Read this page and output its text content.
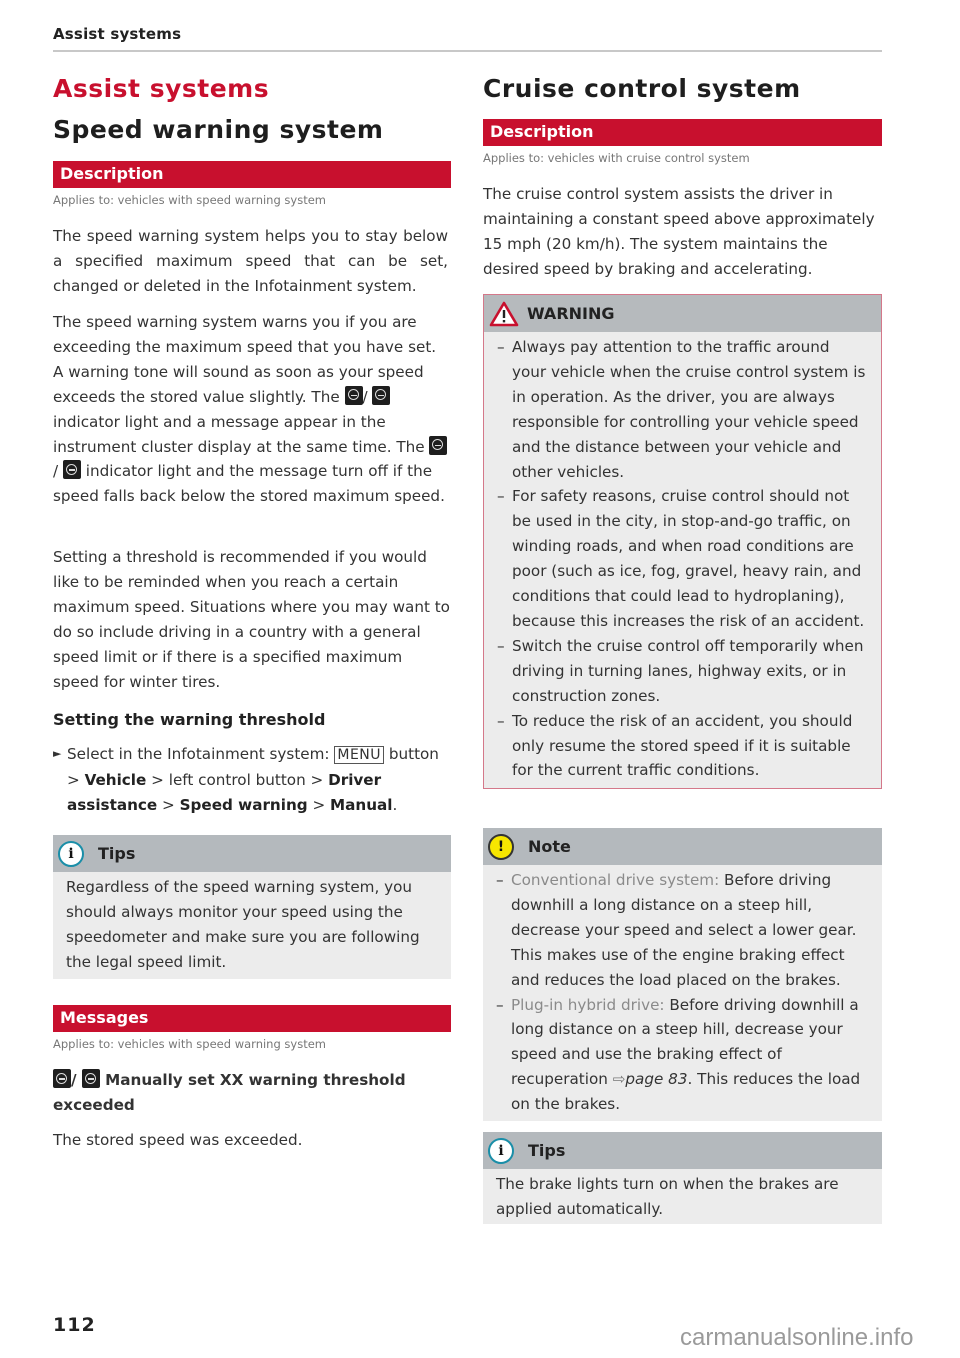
Assist systems
Assist systems
Speed warning system
Description
Applies to: vehicles with speed warning system
The speed warning system helps you to stay below a specified maximum speed that can be set, changed or deleted in the Infotainment system.
The speed warning system warns you if you are exceeding the maximum speed that you have set. A warning tone will sound as soon as your speed exceeds the stored value slightly. The /  indicator light and a message appear in the instrument cluster display at the same time. The / indicator light and the message turn off if the speed falls back below the stored maximum speed.
Setting a threshold is recommended if you would like to be reminded when you reach a certain maximum speed. Situations where you may want to do so include driving in a country with a general speed limit or if there is a specified maximum speed for winter tires.
Setting the warning threshold
► Select in the Infotainment system: MENU button > Vehicle > left control button > Driver assistance > Speed warning > Manual.
i	Tips
Regardless of the speed warning system, you should always monitor your speed using the speedometer and make sure you are following the legal speed limit.
Messages
Applies to: vehicles with speed warning system
/ Manually set XX warning threshold exceeded
The stored speed was exceeded.
Cruise control system
Description
Applies to: vehicles with cruise control system
The cruise control system assists the driver in maintaining a constant speed above approximately 15 mph (20 km/h). The system maintains the desired speed by braking and accelerating.
WARNING
– Always pay attention to the traffic around your vehicle when the cruise control system is in operation. As the driver, you are always responsible for controlling your vehicle speed and the distance between your vehicle and other vehicles.
– For safety reasons, cruise control should not be used in the city, in stop-and-go traffic, on winding roads, and when road conditions are poor (such as ice, fog, gravel, heavy rain, and conditions that could lead to hydroplaning), because this increases the risk of an accident.
– Switch the cruise control off temporarily when driving in turning lanes, highway exits, or in construction zones.
– To reduce the risk of an accident, you should only resume the stored speed if it is suitable for the current traffic conditions.
!	Note
– Conventional drive system: Before driving downhill a long distance on a steep hill, decrease your speed and select a lower gear. This makes use of the engine braking effect and reduces the load placed on the brakes.
– Plug-in hybrid drive: Before driving downhill a long distance on a steep hill, decrease your speed and use the braking effect of recuperation ⇨page 83. This reduces the load on the brakes.
i	Tips
The brake lights turn on when the brakes are applied automatically.
112	carmanualsonline.info
